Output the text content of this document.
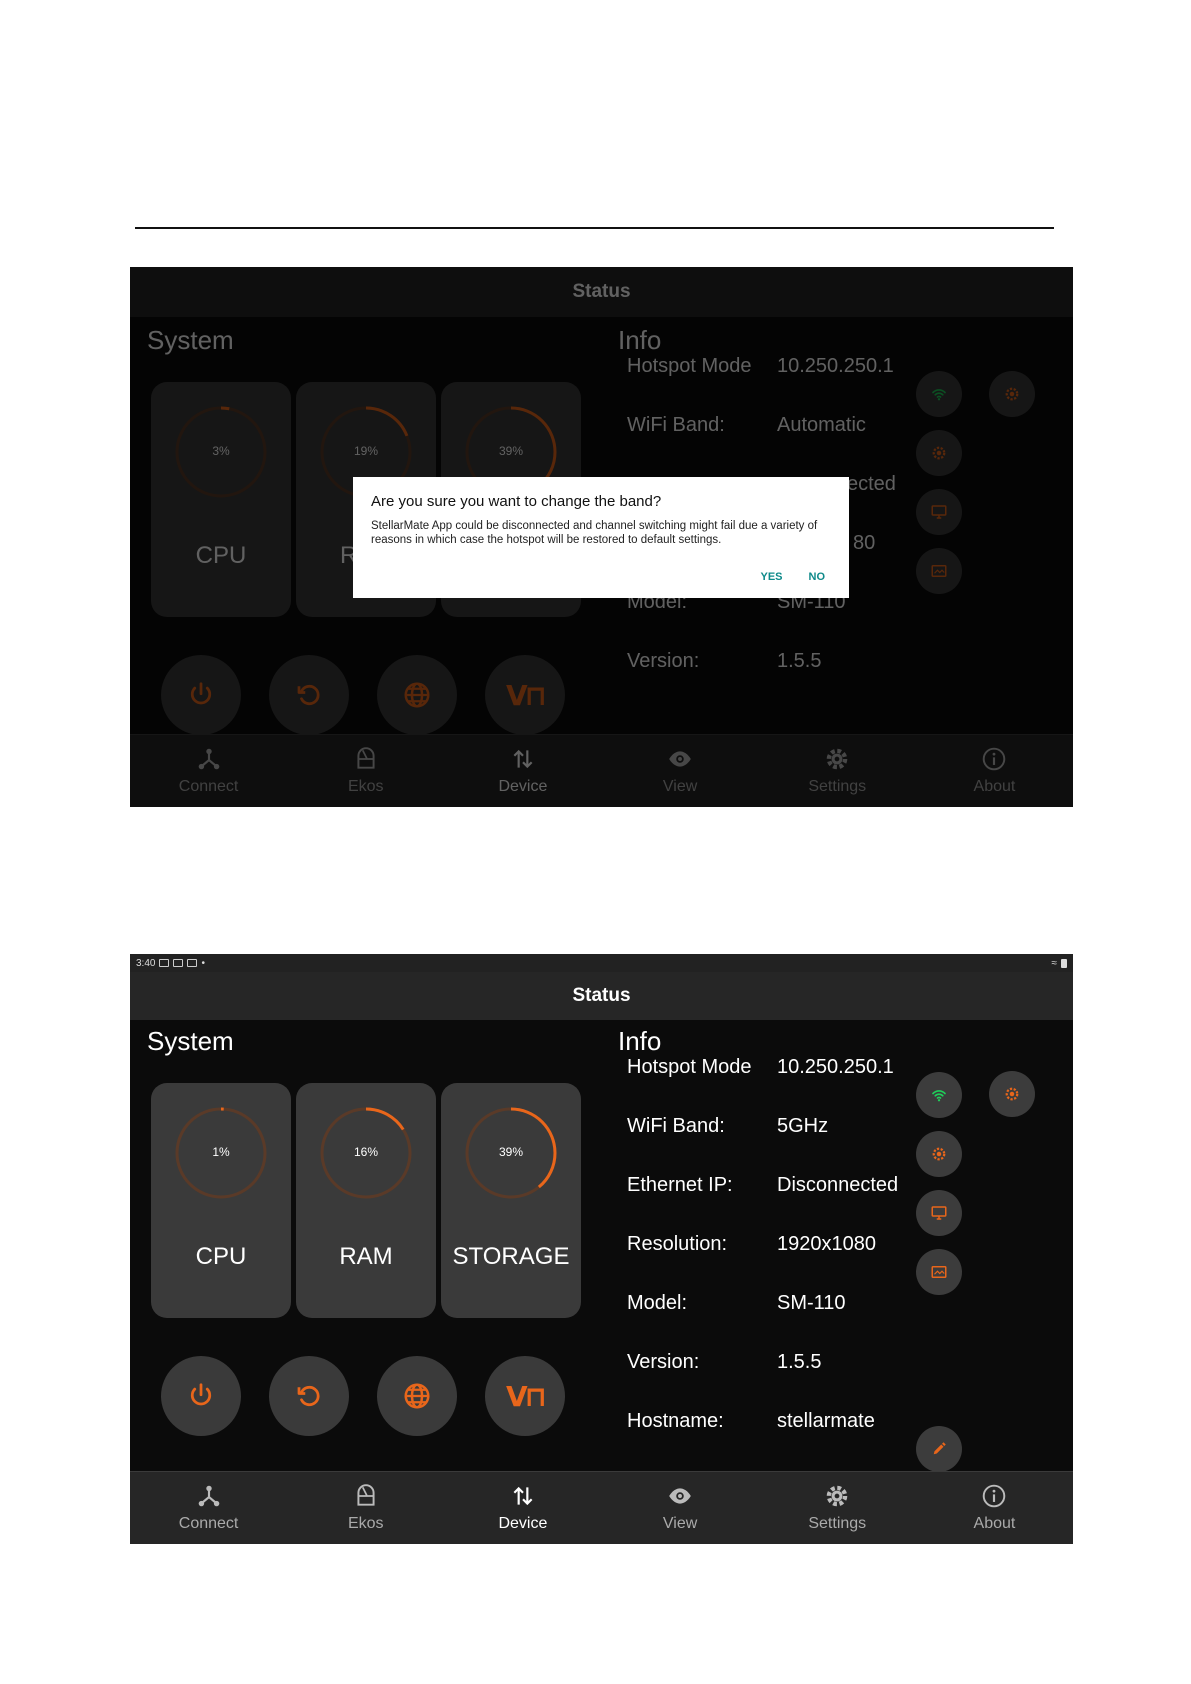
Are you sure you want to change the band?

StellarMate App could be disconnected and channel switching might fail due a variety of reasons in which case the hotspot will be restored to default settings.

YES NO
3:40	•	≈
Status
System	Info
1%
CPU
16%
RAM
39%
STORAGE
V⊓
Hotspot Mode	10.250.250.1
WiFi Band:	5GHz
Ethernet IP:	Disconnected
Resolution:	1920x1080
Model:	SM-110
Version:	1.5.5
Hostname:	stellarmate
Connect	Ekos	Device	View	Settings	About
